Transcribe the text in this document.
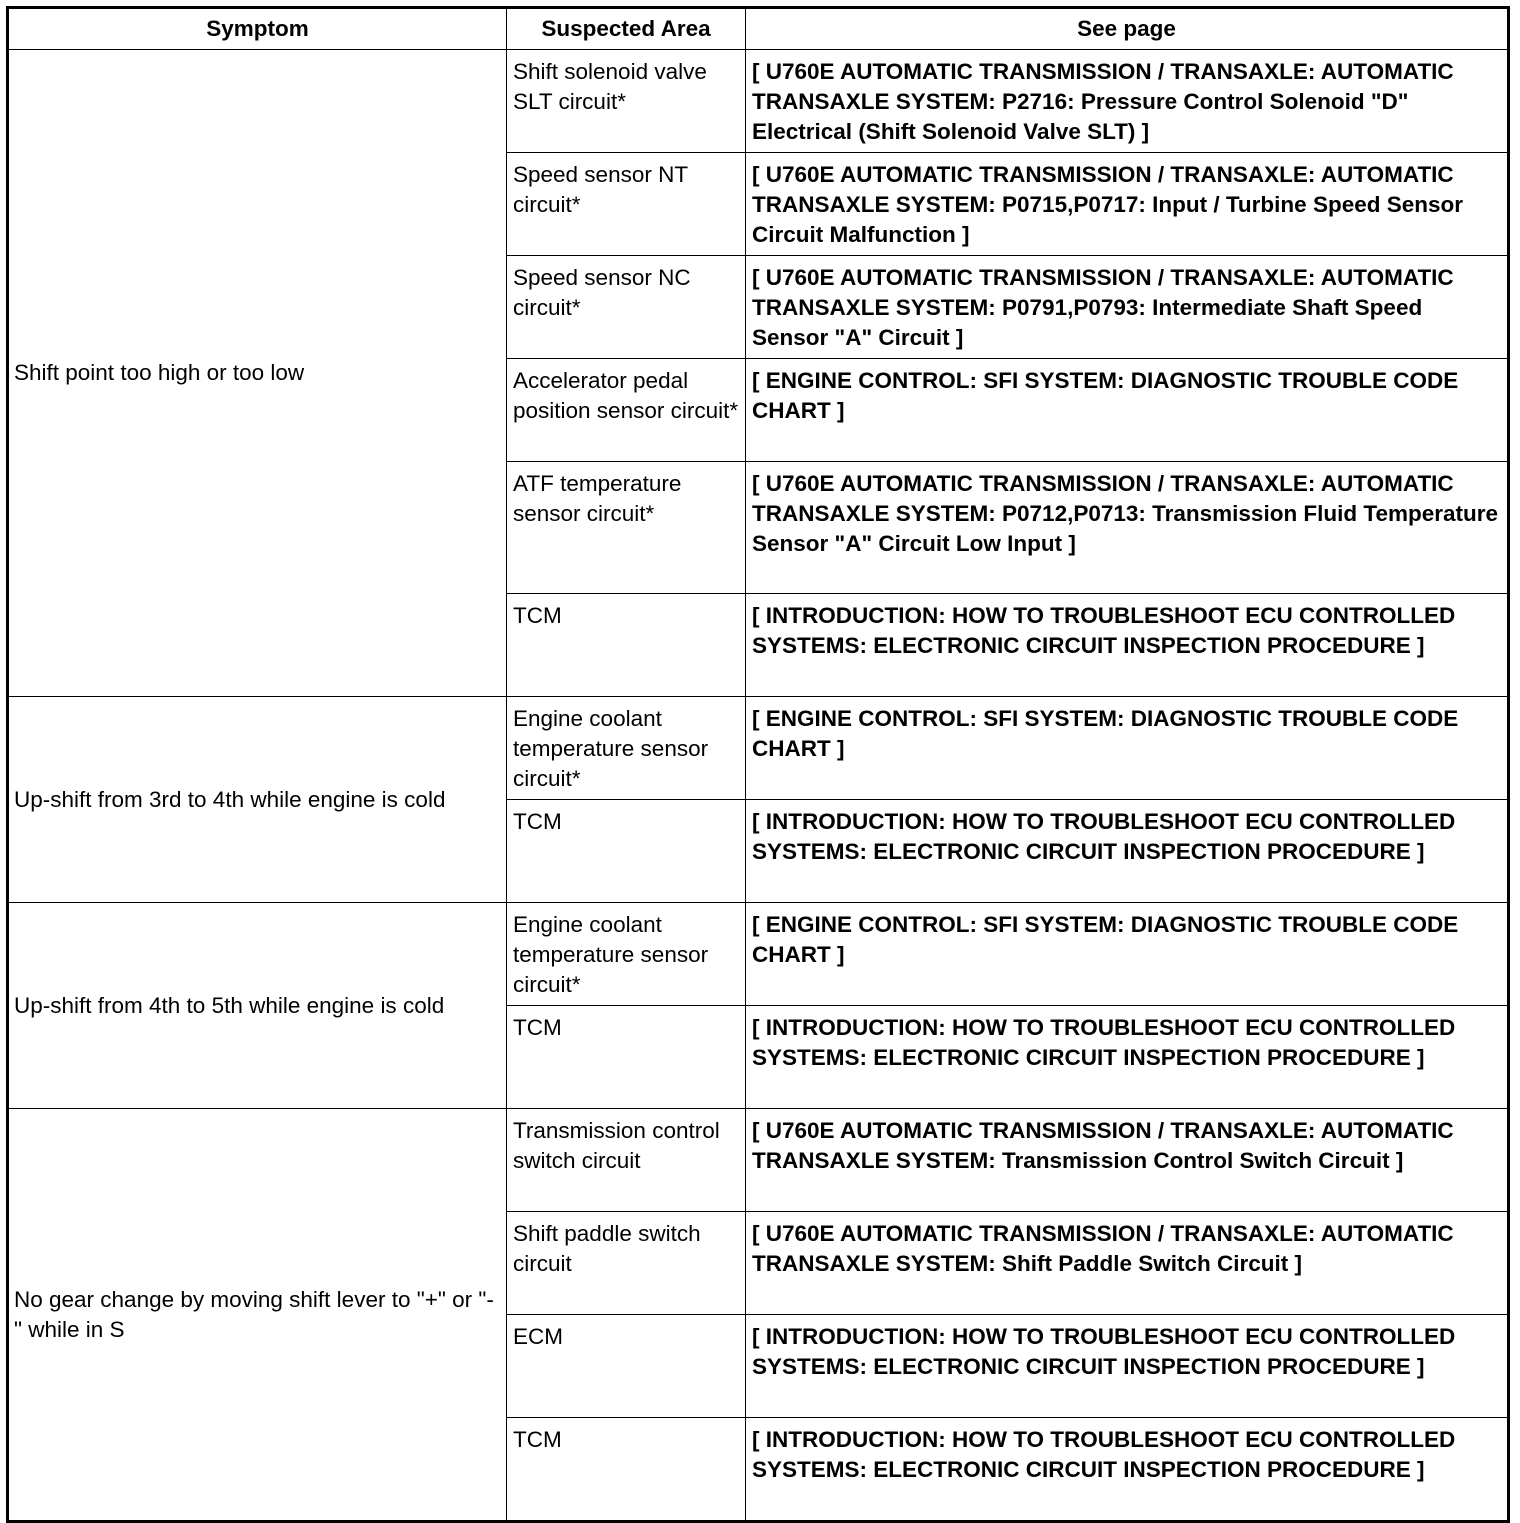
Symptom	Suspected Area	See page
Shift point too high or too low	Shift solenoid valve SLT circuit*	[ U760E AUTOMATIC TRANSMISSION / TRANSAXLE: AUTOMATIC TRANSAXLE SYSTEM: P2716: Pressure Control Solenoid "D" Electrical (Shift Solenoid Valve SLT) ]
	Speed sensor NT circuit*	[ U760E AUTOMATIC TRANSMISSION / TRANSAXLE: AUTOMATIC TRANSAXLE SYSTEM: P0715,P0717: Input / Turbine Speed Sensor Circuit Malfunction ]
	Speed sensor NC circuit*	[ U760E AUTOMATIC TRANSMISSION / TRANSAXLE: AUTOMATIC TRANSAXLE SYSTEM: P0791,P0793: Intermediate Shaft Speed Sensor "A" Circuit ]
	Accelerator pedal position sensor circuit*	[ ENGINE CONTROL: SFI SYSTEM: DIAGNOSTIC TROUBLE CODE CHART ]
	ATF temperature sensor circuit*	[ U760E AUTOMATIC TRANSMISSION / TRANSAXLE: AUTOMATIC TRANSAXLE SYSTEM: P0712,P0713: Transmission Fluid Temperature Sensor "A" Circuit Low Input ]
	TCM	[ INTRODUCTION: HOW TO TROUBLESHOOT ECU CONTROLLED SYSTEMS: ELECTRONIC CIRCUIT INSPECTION PROCEDURE ]
Up-shift from 3rd to 4th while engine is cold	Engine coolant temperature sensor circuit*	[ ENGINE CONTROL: SFI SYSTEM: DIAGNOSTIC TROUBLE CODE CHART ]
	TCM	[ INTRODUCTION: HOW TO TROUBLESHOOT ECU CONTROLLED SYSTEMS: ELECTRONIC CIRCUIT INSPECTION PROCEDURE ]
Up-shift from 4th to 5th while engine is cold	Engine coolant temperature sensor circuit*	[ ENGINE CONTROL: SFI SYSTEM: DIAGNOSTIC TROUBLE CODE CHART ]
	TCM	[ INTRODUCTION: HOW TO TROUBLESHOOT ECU CONTROLLED SYSTEMS: ELECTRONIC CIRCUIT INSPECTION PROCEDURE ]
No gear change by moving shift lever to "+" or "-" while in S	Transmission control switch circuit	[ U760E AUTOMATIC TRANSMISSION / TRANSAXLE: AUTOMATIC TRANSAXLE SYSTEM: Transmission Control Switch Circuit ]
	Shift paddle switch circuit	[ U760E AUTOMATIC TRANSMISSION / TRANSAXLE: AUTOMATIC TRANSAXLE SYSTEM: Shift Paddle Switch Circuit ]
	ECM	[ INTRODUCTION: HOW TO TROUBLESHOOT ECU CONTROLLED SYSTEMS: ELECTRONIC CIRCUIT INSPECTION PROCEDURE ]
	TCM	[ INTRODUCTION: HOW TO TROUBLESHOOT ECU CONTROLLED SYSTEMS: ELECTRONIC CIRCUIT INSPECTION PROCEDURE ]
